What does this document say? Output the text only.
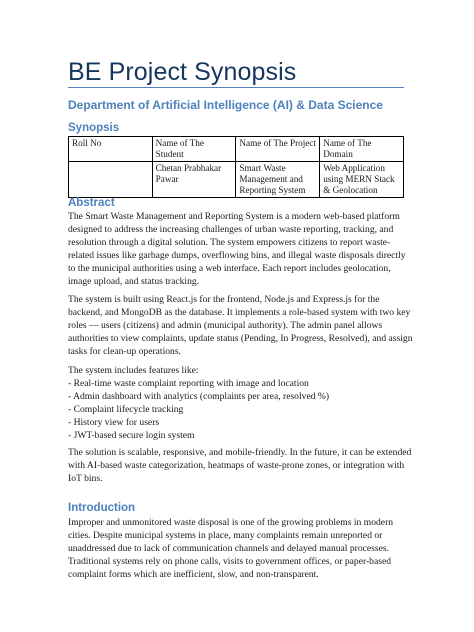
BE Project Synopsis

Department of Artificial Intelligence (AI) & Data Science

Synopsis

Roll No	Name of The Student	Name of The Project	Name of The Domain
	Chetan Prabhakar Pawar	Smart Waste Management and Reporting System	Web Application using MERN Stack & Geolocation

Abstract

The Smart Waste Management and Reporting System is a modern web-based platform designed to address the increasing challenges of urban waste reporting, tracking, and resolution through a digital solution. The system empowers citizens to report waste-related issues like garbage dumps, overflowing bins, and illegal waste disposals directly to the municipal authorities using a web interface. Each report includes geolocation, image upload, and status tracking.

The system is built using React.js for the frontend, Node.js and Express.js for the backend, and MongoDB as the database. It implements a role-based system with two key roles — users (citizens) and admin (municipal authority). The admin panel allows authorities to view complaints, update status (Pending, In Progress, Resolved), and assign tasks for clean-up operations.

The system includes features like:

- Real-time waste complaint reporting with image and location
- Admin dashboard with analytics (complaints per area, resolved %)
- Complaint lifecycle tracking
- History view for users
- JWT-based secure login system

The solution is scalable, responsive, and mobile-friendly. In the future, it can be extended with AI-based waste categorization, heatmaps of waste-prone zones, or integration with IoT bins.

Introduction

Improper and unmonitored waste disposal is one of the growing problems in modern cities. Despite municipal systems in place, many complaints remain unreported or unaddressed due to lack of communication channels and delayed manual processes. Traditional systems rely on phone calls, visits to government offices, or paper-based complaint forms which are inefficient, slow, and non-transparent.
